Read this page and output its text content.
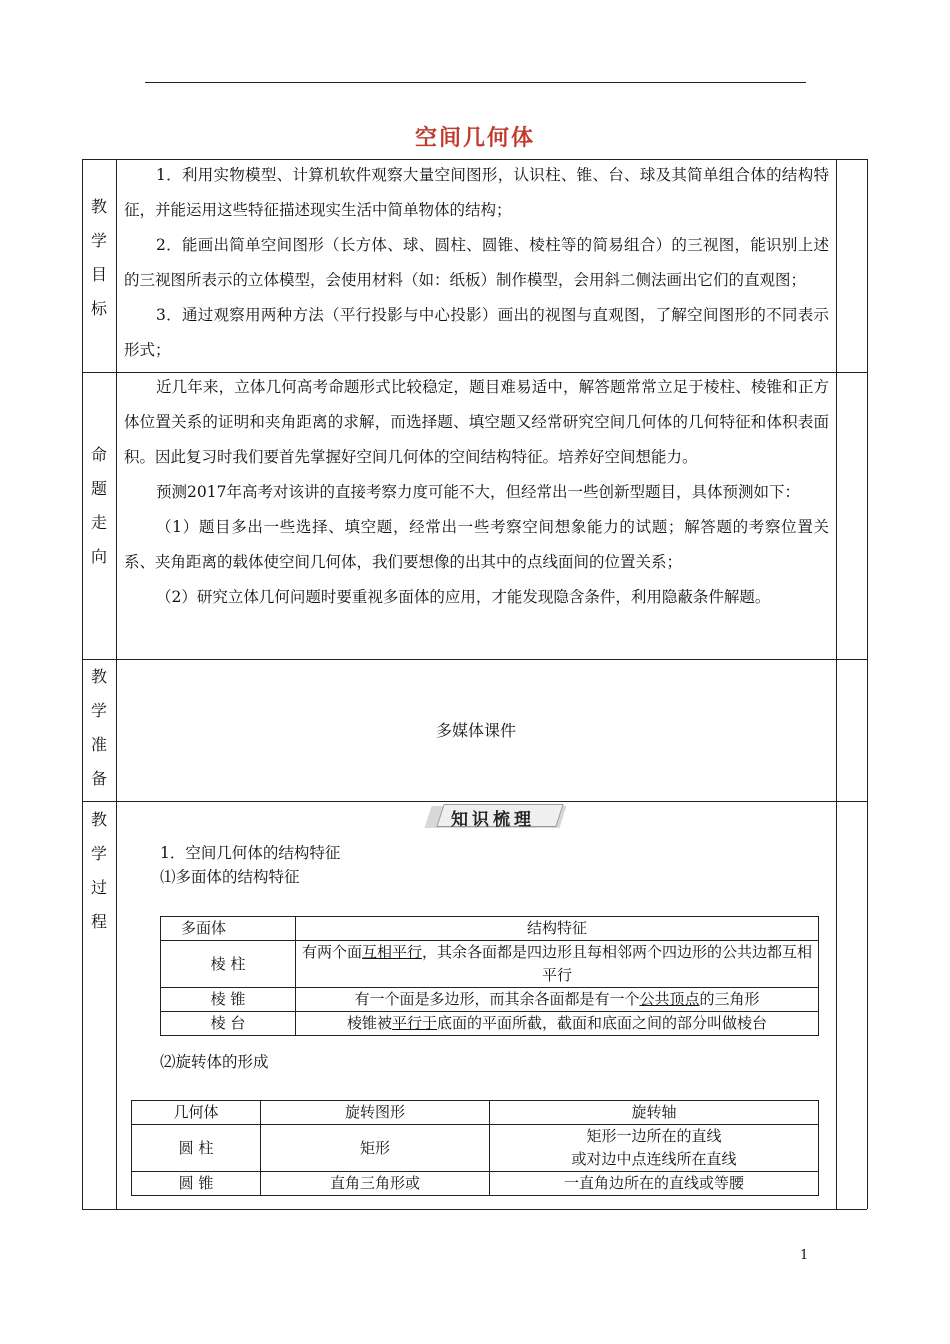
空间几何体
教
学
目
标

1．利用实物模型、计算机软件观察大量空间图形，认识柱、锥、台、球及其简单组合体的结构特征，并能运用这些特征描述现实生活中简单物体的结构；

2．能画出简单空间图形（长方体、球、圆柱、圆锥、棱柱等的简易组合）的三视图，能识别上述的三视图所表示的立体模型，会使用材料（如：纸板）制作模型，会用斜二侧法画出它们的直观图；

3．通过观察用两种方法（平行投影与中心投影）画出的视图与直观图，了解空间图形的不同表示形式；

命
题
走
向

近几年来，立体几何高考命题形式比较稳定，题目难易适中，解答题常常立足于棱柱、棱锥和正方体位置关系的证明和夹角距离的求解，而选择题、填空题又经常研究空间几何体的几何特征和体积表面积。因此复习时我们要首先掌握好空间几何体的空间结构特征。培养好空间想能力。

预测2017年高考对该讲的直接考察力度可能不大，但经常出一些创新型题目，具体预测如下：

（1）题目多出一些选择、填空题，经常出一些考察空间想象能力的试题；解答题的考察位置关系、夹角距离的载体使空间几何体，我们要想像的出其中的点线面间的位置关系；

（2）研究立体几何问题时要重视多面体的应用，才能发现隐含条件，利用隐蔽条件解题。

教
学
准
备
多媒体课件
教
学
过
程
知识梳理
1．空间几何体的结构特征
⑴多面体的结构特征
多面体	结构特征
棱 柱	有两个面互相平行，其余各面都是四边形且每相邻两个四边形的公共边都互相平行
棱 锥	有一个面是多边形，而其余各面都是有一个公共顶点的三角形
棱 台	棱锥被平行于底面的平面所截，截面和底面之间的部分叫做棱台
⑵旋转体的形成
几何体	旋转图形	旋转轴
圆 柱	矩形	矩形一边所在的直线
或对边中点连线所在直线

圆 锥	直角三角形或	一直角边所在的直线或等腰
1
